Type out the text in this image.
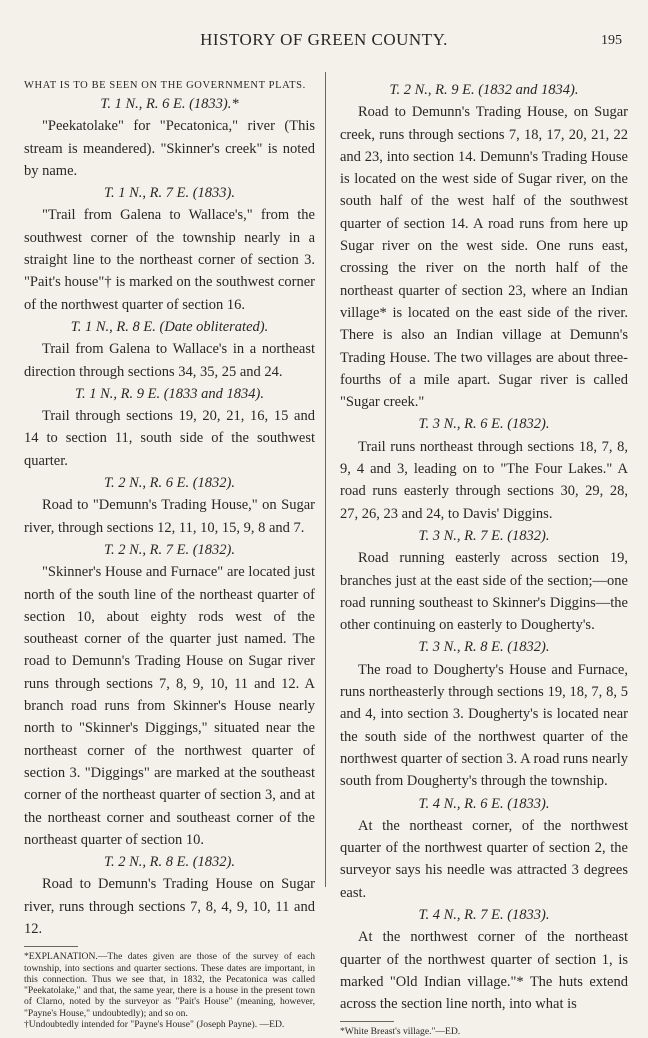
HISTORY OF GREEN COUNTY.	195
WHAT IS TO BE SEEN ON THE GOVERNMENT PLATS.
T. 1 N., R. 6 E. (1833).*
"Peekatolake" for "Pecatonica," river (This stream is meandered). "Skinner's creek" is noted by name.
T. 1 N., R. 7 E. (1833).
"Trail from Galena to Wallace's," from the southwest corner of the township nearly in a straight line to the northeast corner of section 3. "Pait's house"† is marked on the southwest corner of the northwest quarter of section 16.
T. 1 N., R. 8 E. (Date obliterated).
Trail from Galena to Wallace's in a northeast direction through sections 34, 35, 25 and 24.
T. 1 N., R. 9 E. (1833 and 1834).
Trail through sections 19, 20, 21, 16, 15 and 14 to section 11, south side of the southwest quarter.
T. 2 N., R. 6 E. (1832).
Road to "Demunn's Trading House," on Sugar river, through sections 12, 11, 10, 15, 9, 8 and 7.
T. 2 N., R. 7 E. (1832).
"Skinner's House and Furnace" are located just north of the south line of the northeast quarter of section 10, about eighty rods west of the southeast corner of the quarter just named. The road to Demunn's Trading House on Sugar river runs through sections 7, 8, 9, 10, 11 and 12. A branch road runs from Skinner's House nearly north to "Skinner's Diggings," situated near the northeast corner of the northwest quarter of section 3. "Diggings" are marked at the southeast corner of the northeast quarter of section 3, and at the northeast corner and southeast corner of the northeast quarter of section 10.
T. 2 N., R. 8 E. (1832).
Road to Demunn's Trading House on Sugar river, runs through sections 7, 8, 4, 9, 10, 11 and 12.
*EXPLANATION.—The dates given are those of the survey of each township, into sections and quarter sections. These dates are important, in this connection. Thus we see that, in 1832, the Pecatonica was called "Peekatolake," and that, the same year, there is a house in the present town of Clarno, noted by the surveyor as "Pait's House" (meaning, however, "Payne's House," undoubtedly); and so on.
†Undoubtedly intended for "Payne's House" (Joseph Payne). —ED.
T. 2 N., R. 9 E. (1832 and 1834).
Road to Demunn's Trading House, on Sugar creek, runs through sections 7, 18, 17, 20, 21, 22 and 23, into section 14. Demunn's Trading House is located on the west side of Sugar river, on the south half of the west half of the southwest quarter of section 14. A road runs from here up Sugar river on the west side. One runs east, crossing the river on the north half of the northeast quarter of section 23, where an Indian village* is located on the east side of the river. There is also an Indian village at Demunn's Trading House. The two villages are about three-fourths of a mile apart. Sugar river is called "Sugar creek."
T. 3 N., R. 6 E. (1832).
Trail runs northeast through sections 18, 7, 8, 9, 4 and 3, leading on to "The Four Lakes." A road runs easterly through sections 30, 29, 28, 27, 26, 23 and 24, to Davis' Diggins.
T. 3 N., R. 7 E. (1832).
Road running easterly across section 19, branches just at the east side of the section;—one road running southeast to Skinner's Diggins—the other continuing on easterly to Dougherty's.
T. 3 N., R. 8 E. (1832).
The road to Dougherty's House and Furnace, runs northeasterly through sections 19, 18, 7, 8, 5 and 4, into section 3. Dougherty's is located near the south side of the northwest quarter of the northwest quarter of section 3. A road runs nearly south from Dougherty's through the township.
T. 4 N., R. 6 E. (1833).
At the northeast corner, of the northwest quarter of the northwest quarter of section 2, the surveyor says his needle was attracted 3 degrees east.
T. 4 N., R. 7 E. (1833).
At the northwest corner of the northeast quarter of the northwest quarter of section 1, is marked "Old Indian village."* The huts extend across the section line north, into what is
*White Breast's village."—ED.
